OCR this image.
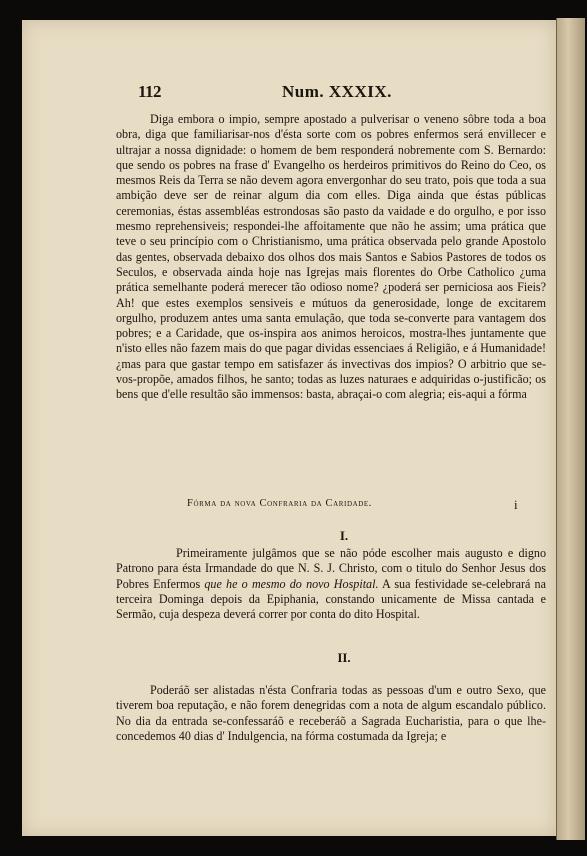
112	Num. XXXIX.

Diga embora o impio, sempre apostado a pulverisar o veneno sôbre toda a boa obra, diga que familiarisar-nos d'ésta sorte com os pobres enfermos será envillecer e ultrajar a nossa dignidade: o homem de bem responderá nobremente com S. Bernardo: que sendo os pobres na frase d' Evangelho os herdeiros primitivos do Reino do Ceo, os mesmos Reis da Terra se não devem agora envergonhar do seu trato, pois que toda a sua ambição deve ser de reinar algum dia com elles. Diga ainda que éstas públicas ceremonias, éstas assembléas estrondosas são pasto da vaidade e do orgulho, e por isso mesmo reprehensiveis; respondei-lhe affoitamente que não he assim; uma prática que teve o seu princípio com o Christianismo, uma prática observada pelo grande Apostolo das gentes, observada debaixo dos olhos dos mais Santos e Sabios Pastores de todos os Seculos, e observada ainda hoje nas Igrejas mais florentes do Orbe Catholico ¿uma prática semelhante poderá merecer tão odioso nome? ¿poderá ser perniciosa aos Fieis? Ah! que estes exemplos sensiveis e mútuos da generosidade, longe de excitarem orgulho, produzem antes uma santa emulação, que toda se-converte para vantagem dos pobres; e a Caridade, que os-inspira aos animos heroicos, mostra-lhes juntamente que n'isto elles não fazem mais do que pagar dividas essenciaes á Religião, e á Humanidade! ¿mas para que gastar tempo em satisfazer ás invectivas dos impios? O arbitrio que se-vos-propõe, amados filhos, he santo; todas as luzes naturaes e adquiridas o-justificão; os bens que d'elle resultão são immensos: basta, abraçai-o com alegria; eis-aqui a fórma

Fórma da nova Confraria da Caridade.	i
I.

Primeiramente julgâmos que se não póde escolher mais augusto e digno Patrono para ésta Irmandade do que N. S. J. Christo, com o titulo do Senhor Jesus dos Pobres Enfermos que he o mesmo do novo Hospital. A sua festividade se-celebrará na terceira Dominga depois da Epiphania, constando unicamente de Missa cantada e Sermão, cuja despeza deverá correr por conta do dito Hospital.

II.

Poderáõ ser alistadas n'ésta Confraria todas as pessoas d'um e outro Sexo, que tiverem boa reputação, e não forem denegridas com a nota de algum escandalo público. No dia da entrada se-confessaráõ e receberáõ a Sagrada Eucharistia, para o que lhe-concedemos 40 dias d' Indulgencia, na fórma costumada da Igreja; e
